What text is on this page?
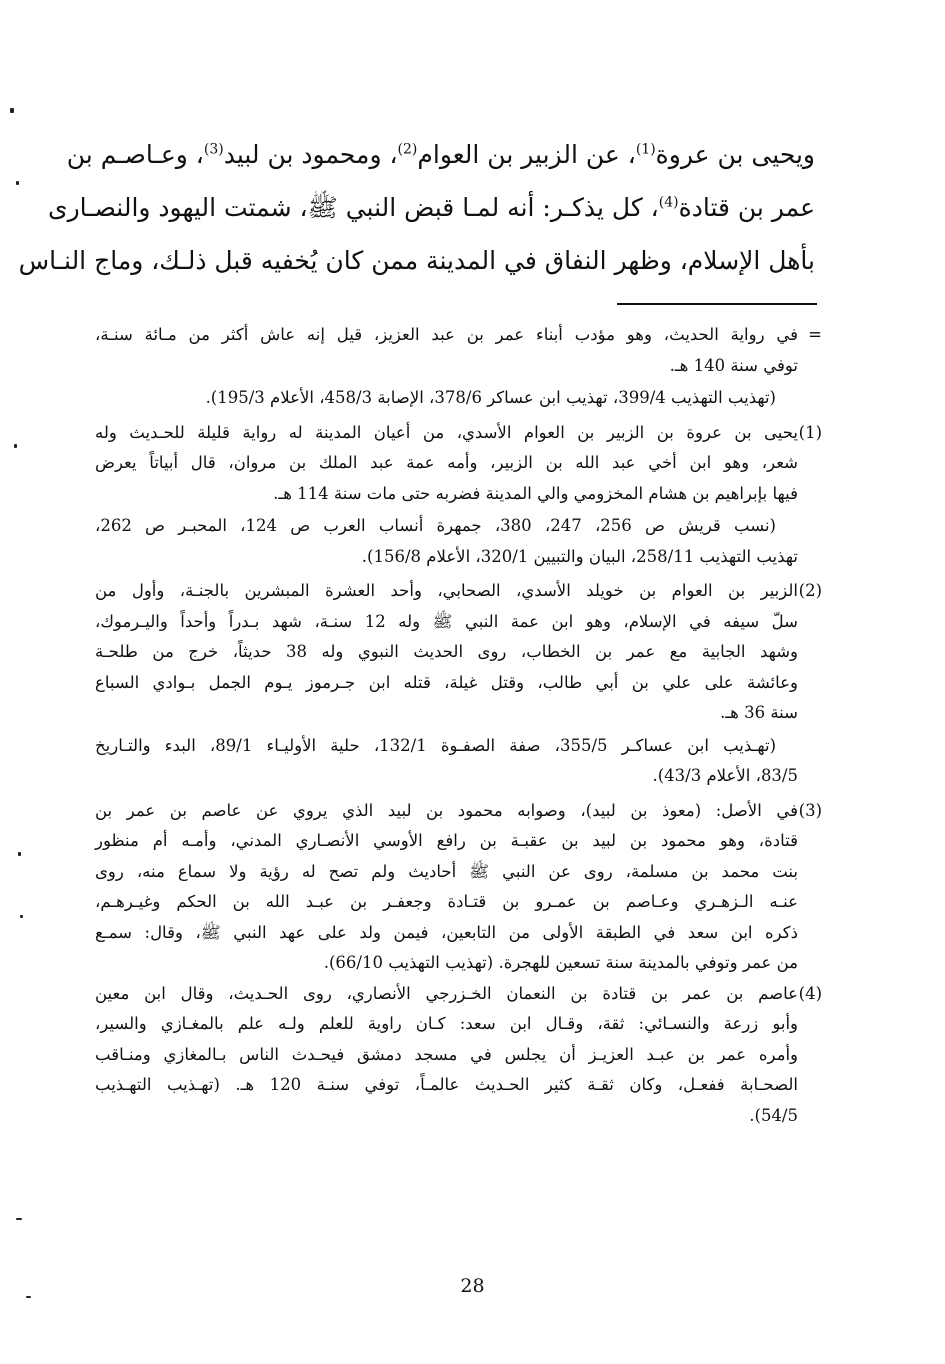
ويحيى بن عروة$^{(1)}$، عن الزبير بن العوام$^{(2)}$، ومحمود بن لبيد$^{(3)}$، وعـاصـم بن
عمر بن قتادة$^{(4)}$، كل يذكـر: أنه لمـا قبض النبي ﷺ، شمتت اليهود والنصـارى
بأهل الإسلام، وظهر النفاق في المدينة ممن كان يُخفيه قبل ذلـك، وماج النـاس
=
في رواية الحديث، وهو مؤدب أبناء عمر بن عبد العزيز، قيل إنه عاش أكثر من مـائة سنـة،
توفي سنة 140 هـ.
(تهذيب التهذيب 399/4، تهذيب ابن عساكر 378/6، الإصابة 458/3، الأعلام 195/3).
(1)
يحيى بن عروة بن الزبير بن العوام الأسدي، من أعيان المدينة له رواية قليلة للحـديث وله
شعر، وهو ابن أخي عبد الله بن الزبير، وأمه عمة عبد الملك بن مروان، قال أبياتاً يعرض
فيها بإبراهيم بن هشام المخزومي والي المدينة فضربه حتى مات سنة 114 هـ.
(نسب قريش ص 256، 247، 380، جمهرة أنساب العرب ص 124، المحبـر ص 262،
تهذيب التهذيب 258/11، البيان والتبيين 320/1، الأعلام 156/8).
(2)
الزبير بن العوام بن خويلد الأسدي، الصحابي، وأحد العشرة المبشرين بالجنـة، وأول من
سلّ سيفه في الإسلام، وهو ابن عمة النبي ﷺ وله 12 سنـة، شهد بـدراً وأحداً واليـرموك،
وشهد الجابية مع عمر بن الخطاب، روى الحديث النبوي وله 38 حديثاً، خرج من طلحـة
وعائشة على علي بن أبي طالب، وقتل غيلة، قتله ابن جـرموز يـوم الجمل بـوادي السباع
سنة 36 هـ.
(تهـذيب ابن عساكـر 355/5، صفة الصفـوة 132/1، حلية الأوليـاء 89/1، البدء والتـاريخ
83/5، الأعلام 43/3).
(3)
في الأصل: (معوذ بن لبيد)، وصوابه محمود بن لبيد الذي يروي عن عاصم بن عمر بن
قتادة، وهو محمود بن لبيد بن عقبـة بن رافع الأوسي الأنصـاري المدني، وأمـه أم منظور
بنت محمد بن مسلمة، روى عن النبي ﷺ أحاديث ولم تصح له رؤية ولا سماع منه، روى
عنـه الـزهـري وعـاصم بن عمـرو بن قتـادة وجعفـر بن عبـد الله بن الحكم وغيـرهـم،
ذكره ابن سعد في الطبقة الأولى من التابعين، فيمن ولد على عهد النبي ﷺ، وقال: سمـع
من عمر وتوفي بالمدينة سنة تسعين للهجرة. (تهذيب التهذيب 66/10).
(4)
عاصم بن عمر بن قتادة بن النعمان الخـزرجي الأنصاري، روى الحـديث، وقال ابن معين
وأبو زرعة والنسـائي: ثقة، وقـال ابن سعد: كـان راوية للعلم ولـه علم بالمغـازي والسير،
وأمره عمر بن عبـد العزيـز أن يجلس في مسجد دمشق فيحـدث الناس بـالمغازي ومنـاقب
الصحـابة ففعـل، وكان ثقـة كثير الحـديث عالمـاً، توفي سنـة 120 هـ. (تهـذيب التهـذيب
54/5).
28
